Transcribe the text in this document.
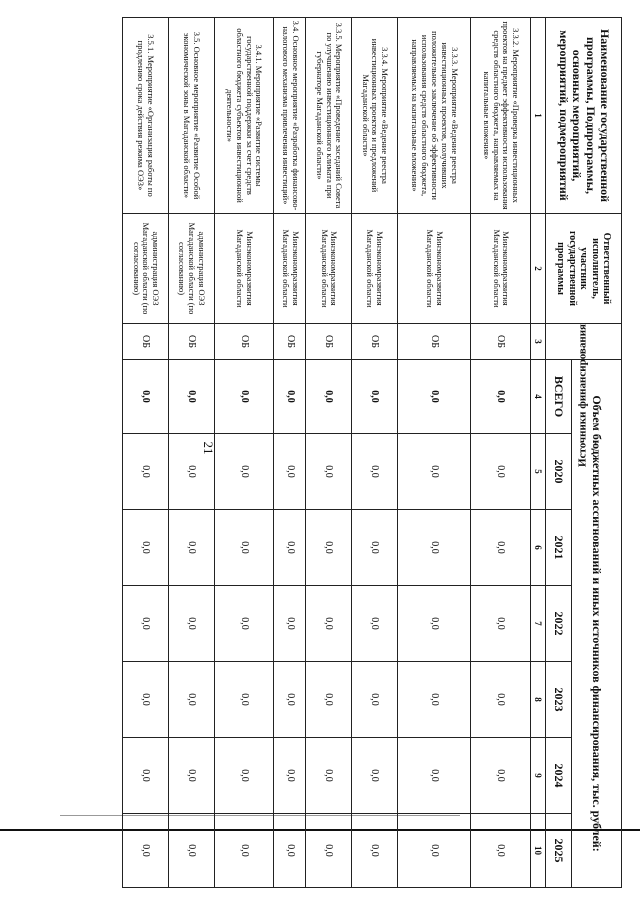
21
Наименование государственной программы, Подпрограммы, основных мероприятий, мероприятий, подмероприятий	Ответственный исполнитель, участник государственной программы	Источники финансирования	Объем бюджетных ассигнований и иных источников финансирования, тыс. рублей:						
			ВСЕГО	2020	2021	2022	2023	2024	2025
1	2	3	4	5	6	7	8	9	10
3.3.2. Мероприятие «Проверка инвестиционных проектов на предмет эффективности использования средств областного бюджета, направляемых на капитальные вложения»	Минэкономразвития Магаданской области	ОБ	0,0	0,0	0,0	0,0	0,0	0,0	0,0
3.3.3. Мероприятие «Ведение реестра инвестиционных проектов, получивших положительное заключение об эффективности использования средств областного бюджета, направляемых на капитальные вложения»	Минэкономразвития Магаданской области	ОБ	0,0	0,0	0,0	0,0	0,0	0,0	0,0
3.3.4. Мероприятие «Ведение реестра инвестиционных проектов и предложений Магаданской области»	Минэкономразвития Магаданской области	ОБ	0,0	0,0	0,0	0,0	0,0	0,0	0,0
3.3.5. Мероприятие «Проведение заседаний Совета по улучшению инвестиционного климата при губернаторе Магаданской области»	Минэкономразвития Магаданской области	ОБ	0,0	0,0	0,0	0,0	0,0	0,0	0,0
3.4. Основное мероприятие «Разработка финансово-налогового механизма привлечения инвестиций»	Минэкономразвития Магаданской области	ОБ	0,0	0,0	0,0	0,0	0,0	0,0	0,0
3.4.1. Мероприятие «Развитие системы государственной поддержки за счет средств областного бюджета субъектов инвестиционной деятельности»	Минэкономразвития Магаданской области	ОБ	0,0	0,0	0,0	0,0	0,0	0,0	0,0
3.5. Основное мероприятие «Развитие Особой экономической зоны в Магаданской области»	администрация ОЭЗ Магаданской области (по согласованию)	ОБ	0,0	0,0	0,0	0,0	0,0	0,0	0,0
3.5.1. Мероприятие «Организация работы по продлению срока действия режима ОЭЗ»	администрация ОЭЗ Магаданской области (по согласованию)	ОБ	0,0	0,0	0,0	0,0	0,0	0,0	0,0
